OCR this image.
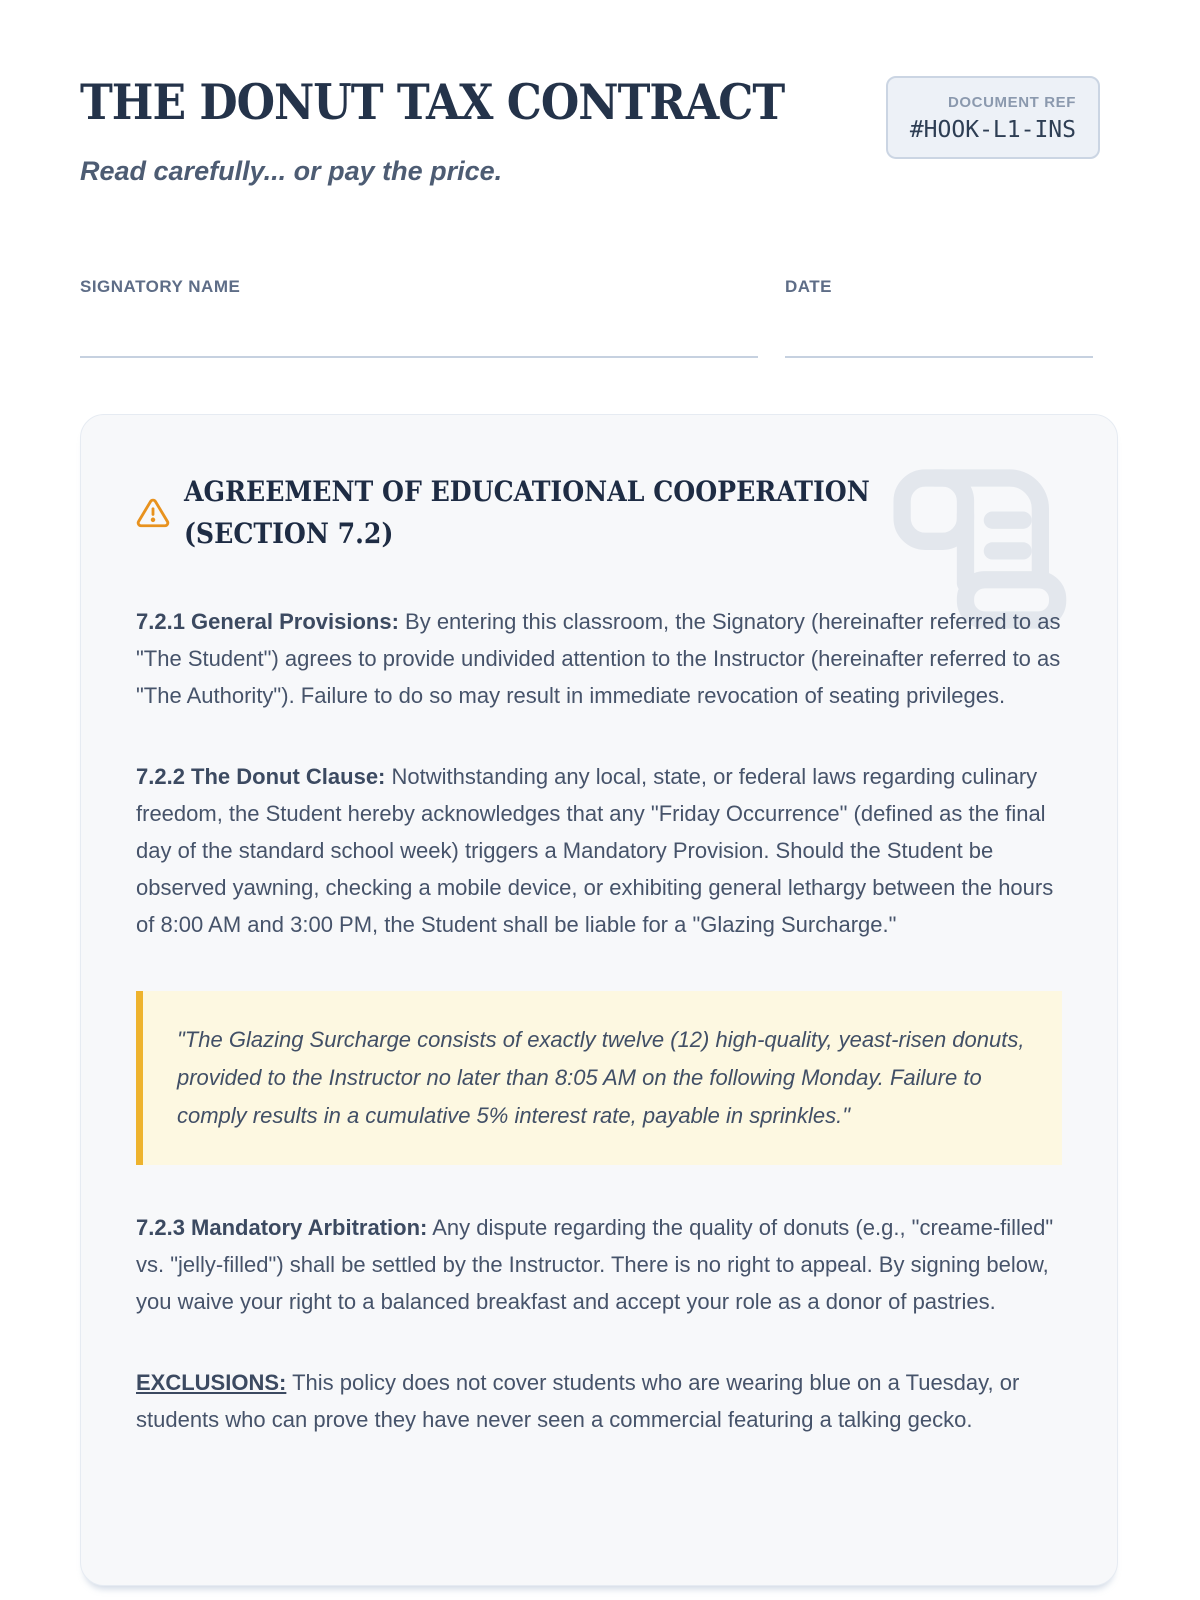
THE DONUT TAX CONTRACT
Read carefully... or pay the price.
DOCUMENT REF
#HOOK-L1-INS
SIGNATORY NAME	DATE
AGREEMENT OF EDUCATIONAL COOPERATION (SECTION 7.2)

7.2.1 General Provisions: By entering this classroom, the Signatory (hereinafter referred to as "The Student") agrees to provide undivided attention to the Instructor (hereinafter referred to as "The Authority"). Failure to do so may result in immediate revocation of seating privileges.

7.2.2 The Donut Clause: Notwithstanding any local, state, or federal laws regarding culinary freedom, the Student hereby acknowledges that any "Friday Occurrence" (defined as the final day of the standard school week) triggers a Mandatory Provision. Should the Student be observed yawning, checking a mobile device, or exhibiting general lethargy between the hours of 8:00 AM and 3:00 PM, the Student shall be liable for a "Glazing Surcharge."

"The Glazing Surcharge consists of exactly twelve (12) high-quality, yeast-risen donuts, provided to the Instructor no later than 8:05 AM on the following Monday. Failure to comply results in a cumulative 5% interest rate, payable in sprinkles."

7.2.3 Mandatory Arbitration: Any dispute regarding the quality of donuts (e.g., "creame-filled" vs. "jelly-filled") shall be settled by the Instructor. There is no right to appeal. By signing below, you waive your right to a balanced breakfast and accept your role as a donor of pastries.

EXCLUSIONS: This policy does not cover students who are wearing blue on a Tuesday, or students who can prove they have never seen a commercial featuring a talking gecko.
